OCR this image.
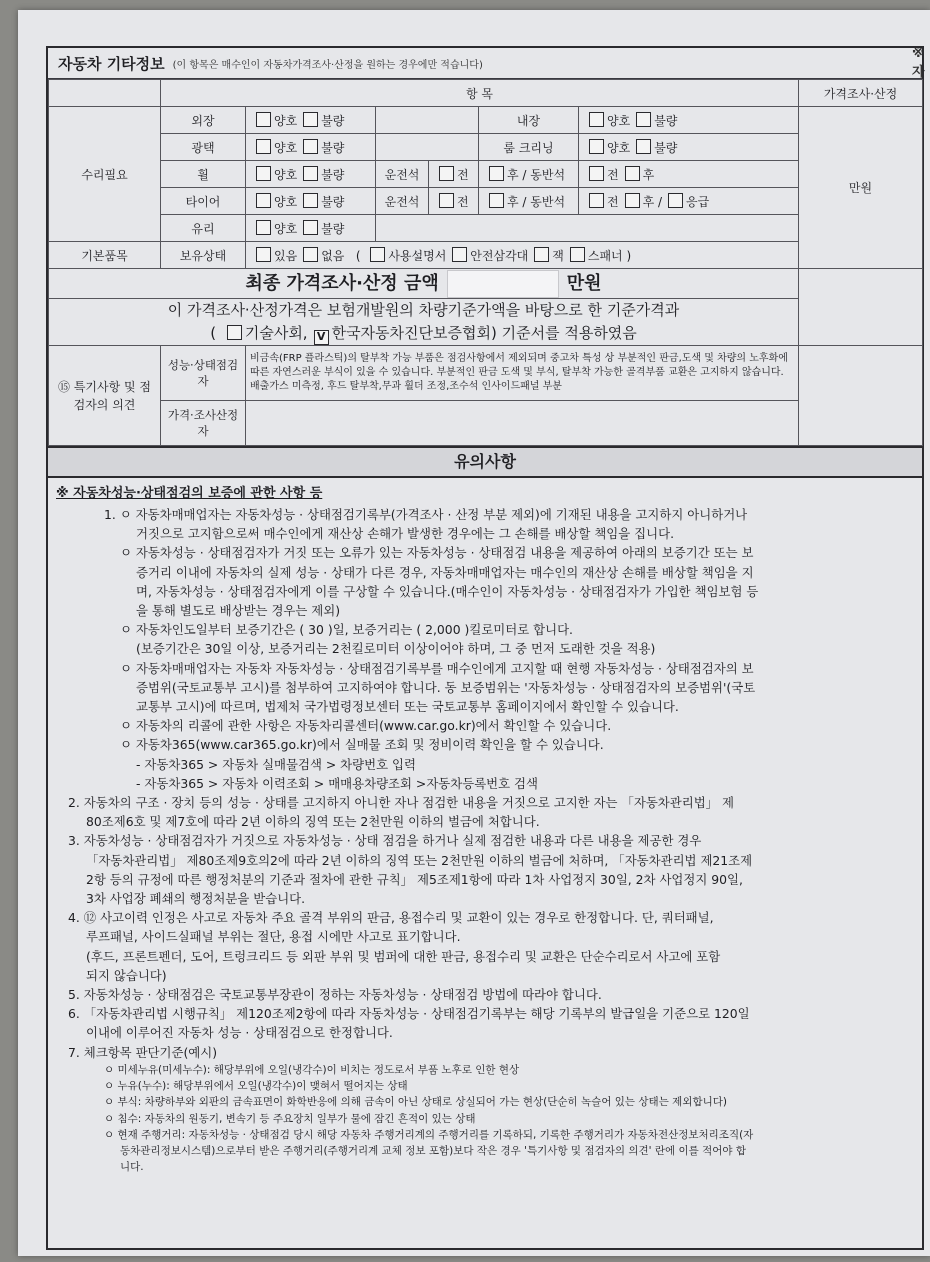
※ 자
자동차 기타정보 (이 항목은 매수인이 자동차가격조사·산정을 원하는 경우에만 적습니다)
	항 목						가격조사·산정
수리필요	외장	양호 불량			내장	양호 불량	만원
	광택	양호 불량			룸 크리닝	양호 불량	
	휠	양호 불량	운전석	전	후 / 동반석	전 후	
	타이어	양호 불량	운전석	전	후 / 동반석	전 후 / 응급	
	유리	양호 불량					
기본품목	보유상태	있음 없음   ( 사용설명서 안전삼각대 잭 스패너 )					
최종 가격조사·산정 금액 만원							
이 가격조사·산정가격은 보험개발원의 차량기준가액을 바탕으로 한 기준가격과
( 기술사회, V 한국자동차진단보증협회) 기준서를 적용하였음							
⑮ 특기사항 및 점검자의 의견	성능·상태점검자	비금속(FRP 플라스틱)의 탈부착 가능 부품은 점검사항에서 제외되며 중고차 특성 상 부분적인 판금,도색 및 차량의 노후화에 따른 자연스러운 부식이 있을 수 있습니다. 부분적인 판금 도색 및 부식, 탈부착 가능한 골격부품 교환은 고지하지 않습니다. 배출가스 미측정, 후드 탈부착,무과 휠더 조정,조수석 인사이드패널 부분					
	가격·조사산정자						
유의사항
※ 자동차성능·상태점검의 보증에 관한 사항 등

1. ㅇ 자동차매매업자는 자동차성능 · 상태점검기록부(가격조사 · 산정 부분 제외)에 기재된 내용을 고지하지 아니하거나

거짓으로 고지함으로써 매수인에게 재산상 손해가 발생한 경우에는 그 손해를 배상할 책임을 집니다.

ㅇ 자동차성능 · 상태점검자가 거짓 또는 오류가 있는 자동차성능 · 상태점검 내용을 제공하여 아래의 보증기간 또는 보

증거리 이내에 자동차의 실제 성능 · 상태가 다른 경우, 자동차매매업자는 매수인의 재산상 손해를 배상할 책임을 지

며, 자동차성능 · 상태점검자에게 이를 구상할 수 있습니다.(매수인이 자동차성능 · 상태점검자가 가입한 책임보험 등

을 통해 별도로 배상받는 경우는 제외)

ㅇ 자동차인도일부터 보증기간은 ( 30 )일, 보증거리는 ( 2,000 )킬로미터로 합니다.

(보증기간은 30일 이상, 보증거리는 2천킬로미터 이상이어야 하며, 그 중 먼저 도래한 것을 적용)

ㅇ 자동차매매업자는 자동차 자동차성능 · 상태점검기록부를 매수인에게 고지할 때 현행 자동차성능 · 상태점검자의 보

증범위(국토교통부 고시)를 첨부하여 고지하여야 합니다. 동 보증범위는 '자동차성능 · 상태점검자의 보증범위'(국토

교통부 고시)에 따르며, 법제처 국가법령정보센터 또는 국토교통부 홈페이지에서 확인할 수 있습니다.

ㅇ 자동차의 리콜에 관한 사항은 자동차리콜센터(www.car.go.kr)에서 확인할 수 있습니다.

ㅇ 자동차365(www.car365.go.kr)에서 실매물 조회 및 정비이력 확인을 할 수 있습니다.

- 자동차365 > 자동차 실매물검색 > 차량번호 입력

- 자동차365 > 자동차 이력조회 > 매매용차량조회 >자동차등록번호 검색

2. 자동차의 구조 · 장치 등의 성능 · 상태를 고지하지 아니한 자나 점검한 내용을 거짓으로 고지한 자는 「자동차관리법」 제

80조제6호 및 제7호에 따라 2년 이하의 징역 또는 2천만원 이하의 벌금에 처합니다.

3. 자동차성능 · 상태점검자가 거짓으로 자동차성능 · 상태 점검을 하거나 실제 점검한 내용과 다른 내용을 제공한 경우

「자동차관리법」 제80조제9호의2에 따라 2년 이하의 징역 또는 2천만원 이하의 벌금에 처하며, 「자동차관리법 제21조제

2항 등의 규정에 따른 행정처분의 기준과 절차에 관한 규칙」 제5조제1항에 따라 1차 사업정지 30일, 2차 사업정지 90일,

3차 사업장 폐쇄의 행정처분을 받습니다.

4. ⑫ 사고이력 인정은 사고로 자동차 주요 골격 부위의 판금, 용접수리 및 교환이 있는 경우로 한정합니다. 단, 쿼터패널,

루프패널, 사이드실패널 부위는 절단, 용접 시에만 사고로 표기합니다.

(후드, 프론트펜더, 도어, 트렁크리드 등 외판 부위 및 범퍼에 대한 판금, 용접수리 및 교환은 단순수리로서 사고에 포함

되지 않습니다)

5. 자동차성능 · 상태점검은 국토교통부장관이 정하는 자동차성능 · 상태점검 방법에 따라야 합니다.

6. 「자동차관리법 시행규칙」 제120조제2항에 따라 자동차성능 · 상태점검기록부는 해당 기록부의 발급일을 기준으로 120일

이내에 이루어진 자동차 성능 · 상태점검으로 한정합니다.

7. 체크항목 판단기준(예시)

ㅇ 미세누유(미세누수): 해당부위에 오일(냉각수)이 비치는 정도로서 부품 노후로 인한 현상

ㅇ 누유(누수): 해당부위에서 오일(냉각수)이 맺혀서 떨어지는 상태

ㅇ 부식: 차량하부와 외판의 금속표면이 화학반응에 의해 금속이 아닌 상태로 상실되어 가는 현상(단순히 녹슬어 있는 상태는 제외합니다)

ㅇ 침수: 자동차의 원동기, 변속기 등 주요장치 일부가 물에 잠긴 흔적이 있는 상태

ㅇ 현재 주행거리: 자동차성능 · 상태점검 당시 해당 자동차 주행거리계의 주행거리를 기록하되, 기록한 주행거리가 자동차전산정보처리조직(자

동차관리정보시스템)으로부터 받은 주행거리(주행거리계 교체 정보 포함)보다 작은 경우 '특기사항 및 점검자의 의견' 란에 이를 적어야 합

니다.
